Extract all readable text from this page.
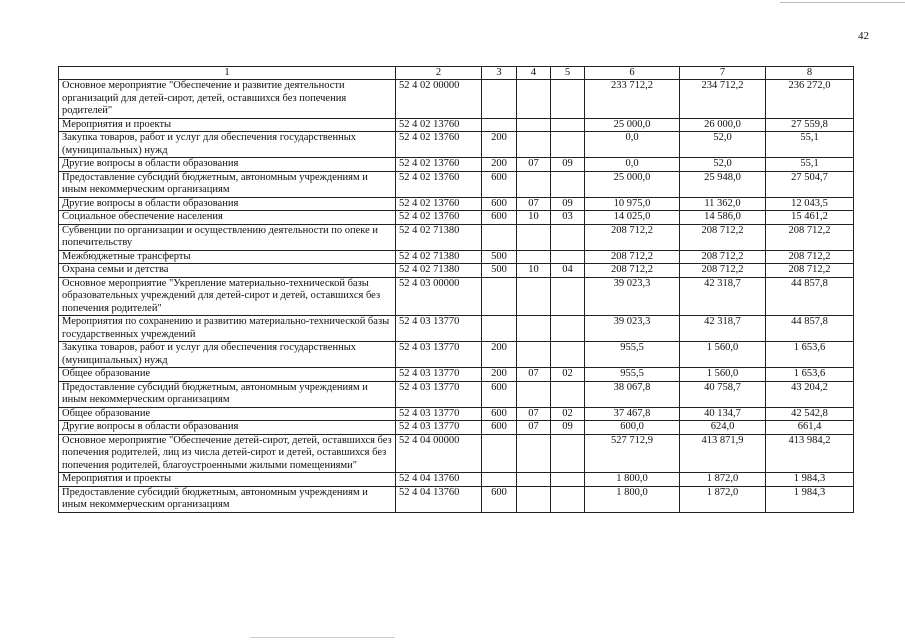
42
1	2	3	4	5	6	7	8
Основное мероприятие "Обеспечение и развитие деятельности организаций для детей-сирот, детей, оставшихся без попечения родителей"	52 4 02 00000				233 712,2	234 712,2	236 272,0
Мероприятия и проекты	52 4 02 13760				25 000,0	26 000,0	27 559,8
Закупка товаров, работ и услуг для обеспечения государственных (муниципальных) нужд	52 4 02 13760	200			0,0	52,0	55,1
Другие вопросы в области образования	52 4 02 13760	200	07	09	0,0	52,0	55,1
Предоставление субсидий бюджетным, автономным учреждениям и иным некоммерческим организациям	52 4 02 13760	600			25 000,0	25 948,0	27 504,7
Другие вопросы в области образования	52 4 02 13760	600	07	09	10 975,0	11 362,0	12 043,5
Социальное обеспечение населения	52 4 02 13760	600	10	03	14 025,0	14 586,0	15 461,2
Субвенции по организации и осуществлению деятельности по опеке и попечительству	52 4 02 71380				208 712,2	208 712,2	208 712,2
Межбюджетные трансферты	52 4 02 71380	500			208 712,2	208 712,2	208 712,2
Охрана семьи и детства	52 4 02 71380	500	10	04	208 712,2	208 712,2	208 712,2
Основное мероприятие "Укрепление материально-технической базы образовательных учреждений для детей-сирот и детей, оставшихся без попечения родителей"	52 4 03 00000				39 023,3	42 318,7	44 857,8
Мероприятия по сохранению и развитию материально-технической базы государственных учреждений	52 4 03 13770				39 023,3	42 318,7	44 857,8
Закупка товаров, работ и услуг для обеспечения государственных (муниципальных) нужд	52 4 03 13770	200			955,5	1 560,0	1 653,6
Общее образование	52 4 03 13770	200	07	02	955,5	1 560,0	1 653,6
Предоставление субсидий бюджетным, автономным учреждениям и иным некоммерческим организациям	52 4 03 13770	600			38 067,8	40 758,7	43 204,2
Общее образование	52 4 03 13770	600	07	02	37 467,8	40 134,7	42 542,8
Другие вопросы в области образования	52 4 03 13770	600	07	09	600,0	624,0	661,4
Основное мероприятие "Обеспечение детей-сирот, детей, оставшихся без попечения родителей, лиц из числа детей-сирот и детей, оставшихся без попечения родителей, благоустроенными жилыми помещениями"	52 4 04 00000				527 712,9	413 871,9	413 984,2
Мероприятия и проекты	52 4 04 13760				1 800,0	1 872,0	1 984,3
Предоставление субсидий бюджетным, автономным учреждениям и иным некоммерческим организациям	52 4 04 13760	600			1 800,0	1 872,0	1 984,3
